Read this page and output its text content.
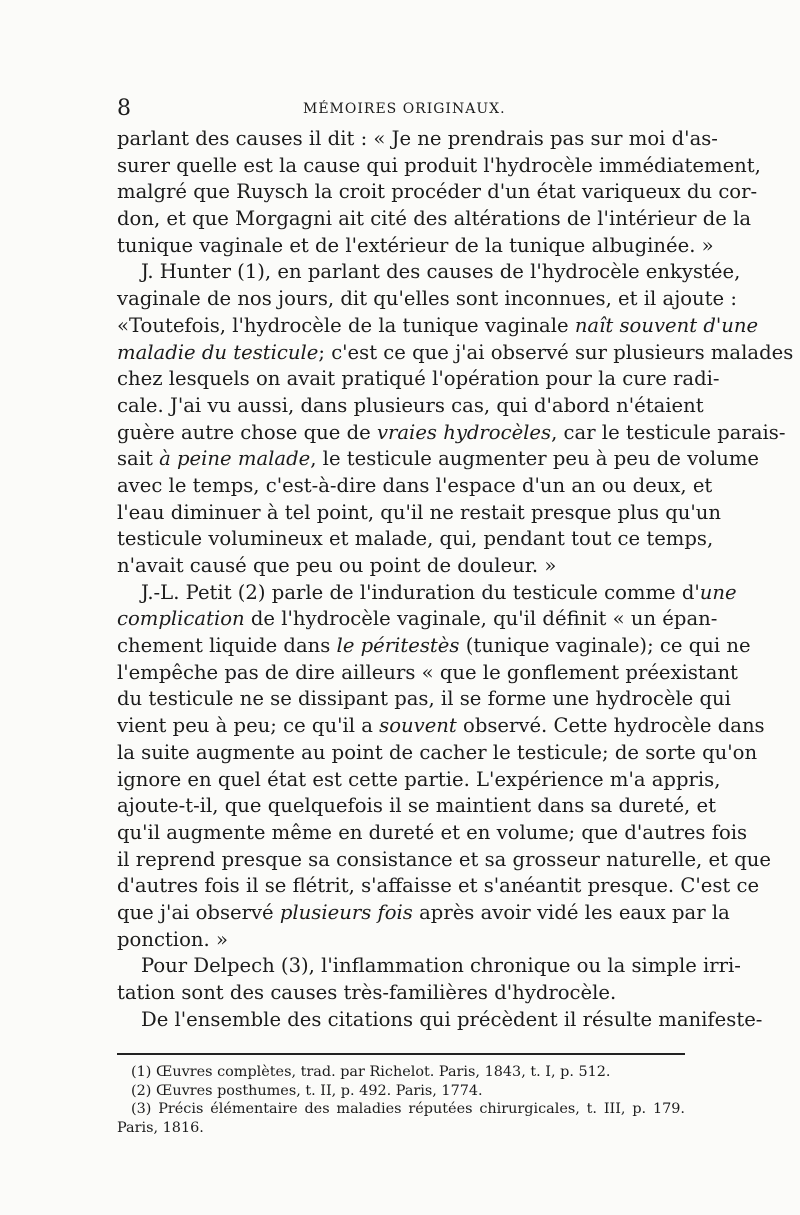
8	MÉMOIRES ORIGINAUX.
parlant des causes il dit : « Je ne prendrais pas sur moi d'as-
surer quelle est la cause qui produit l'hydrocèle immédiatement,
malgré que Ruysch la croit procéder d'un état variqueux du cor-
don, et que Morgagni ait cité des altérations de l'intérieur de la
tunique vaginale et de l'extérieur de la tunique albuginée. »
J. Hunter (1), en parlant des causes de l'hydrocèle enkystée,
vaginale de nos jours, dit qu'elles sont inconnues, et il ajoute :
«Toutefois, l'hydrocèle de la tunique vaginale naît souvent d'une
maladie du testicule; c'est ce que j'ai observé sur plusieurs malades
chez lesquels on avait pratiqué l'opération pour la cure radi-
cale. J'ai vu aussi, dans plusieurs cas, qui d'abord n'étaient
guère autre chose que de vraies hydrocèles, car le testicule parais-
sait à peine malade, le testicule augmenter peu à peu de volume
avec le temps, c'est-à-dire dans l'espace d'un an ou deux, et
l'eau diminuer à tel point, qu'il ne restait presque plus qu'un
testicule volumineux et malade, qui, pendant tout ce temps,
n'avait causé que peu ou point de douleur. »
J.-L. Petit (2) parle de l'induration du testicule comme d'une
complication de l'hydrocèle vaginale, qu'il définit « un épan-
chement liquide dans le péritestès (tunique vaginale); ce qui ne
l'empêche pas de dire ailleurs « que le gonflement préexistant
du testicule ne se dissipant pas, il se forme une hydrocèle qui
vient peu à peu; ce qu'il a souvent observé. Cette hydrocèle dans
la suite augmente au point de cacher le testicule; de sorte qu'on
ignore en quel état est cette partie. L'expérience m'a appris,
ajoute-t-il, que quelquefois il se maintient dans sa dureté, et
qu'il augmente même en dureté et en volume; que d'autres fois
il reprend presque sa consistance et sa grosseur naturelle, et que
d'autres fois il se flétrit, s'affaisse et s'anéantit presque. C'est ce
que j'ai observé plusieurs fois après avoir vidé les eaux par la
ponction. »
Pour Delpech (3), l'inflammation chronique ou la simple irri-
tation sont des causes très-familières d'hydrocèle.
De l'ensemble des citations qui précèdent il résulte manifeste-
(1) Œuvres complètes, trad. par Richelot. Paris, 1843, t. I, p. 512.
(2) Œuvres posthumes, t. II, p. 492. Paris, 1774.
(3) Précis élémentaire des maladies réputées chirurgicales, t. III, p. 179.
Paris, 1816.
